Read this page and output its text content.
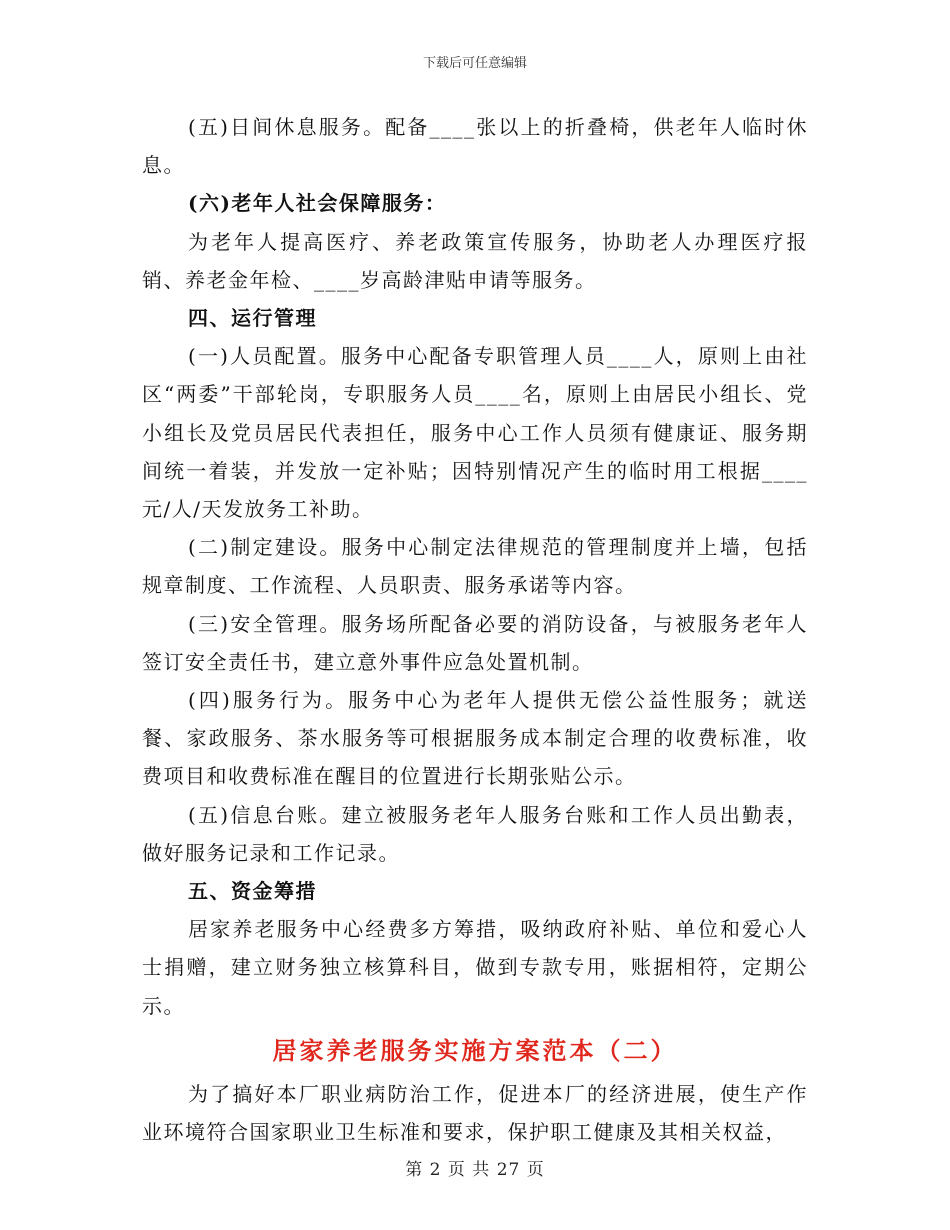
下载后可任意编辑

(五)日间休息服务。配备____张以上的折叠椅，供老年人临时休息。

(六)老年人社会保障服务：

为老年人提高医疗、养老政策宣传服务，协助老人办理医疗报销、养老金年检、____岁高龄津贴申请等服务。

四、运行管理

(一)人员配置。服务中心配备专职管理人员____人，原则上由社区“两委”干部轮岗，专职服务人员____名，原则上由居民小组长、党小组长及党员居民代表担任，服务中心工作人员须有健康证、服务期间统一着装，并发放一定补贴；因特别情况产生的临时用工根据____元/人/天发放务工补助。

(二)制定建设。服务中心制定法律规范的管理制度并上墙，包括规章制度、工作流程、人员职责、服务承诺等内容。

(三)安全管理。服务场所配备必要的消防设备，与被服务老年人签订安全责任书，建立意外事件应急处置机制。

(四)服务行为。服务中心为老年人提供无偿公益性服务；就送餐、家政服务、茶水服务等可根据服务成本制定合理的收费标准，收费项目和收费标准在醒目的位置进行长期张贴公示。

(五)信息台账。建立被服务老年人服务台账和工作人员出勤表，做好服务记录和工作记录。

五、资金筹措

居家养老服务中心经费多方筹措，吸纳政府补贴、单位和爱心人士捐赠，建立财务独立核算科目，做到专款专用，账据相符，定期公示。

居家养老服务实施方案范本（二）

为了搞好本厂职业病防治工作，促进本厂的经济进展，使生产作业环境符合国家职业卫生标准和要求，保护职工健康及其相关权益，

第 2 页 共 27 页
